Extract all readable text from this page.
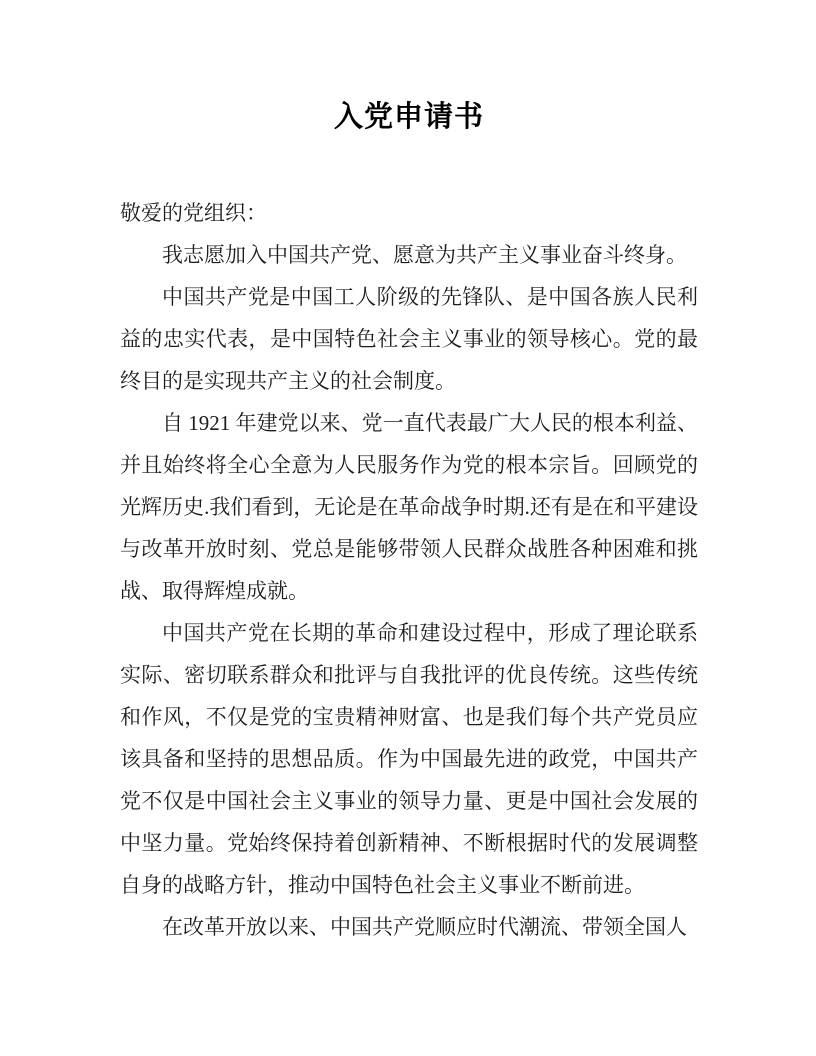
入党申请书

敬爱的党组织：

我志愿加入中国共产党、愿意为共产主义事业奋斗终身。

中国共产党是中国工人阶级的先锋队、是中国各族人民利益的忠实代表，是中国特色社会主义事业的领导核心。党的最终目的是实现共产主义的社会制度。

自 1921 年建党以来、党一直代表最广大人民的根本利益、并且始终将全心全意为人民服务作为党的根本宗旨。回顾党的光辉历史.我们看到，无论是在革命战争时期.还有是在和平建设与改革开放时刻、党总是能够带领人民群众战胜各种困难和挑战、取得辉煌成就。

中国共产党在长期的革命和建设过程中，形成了理论联系实际、密切联系群众和批评与自我批评的优良传统。这些传统和作风，不仅是党的宝贵精神财富、也是我们每个共产党员应该具备和坚持的思想品质。作为中国最先进的政党，中国共产党不仅是中国社会主义事业的领导力量、更是中国社会发展的中坚力量。党始终保持着创新精神、不断根据时代的发展调整自身的战略方针，推动中国特色社会主义事业不断前进。

在改革开放以来、中国共产党顺应时代潮流、带领全国人
